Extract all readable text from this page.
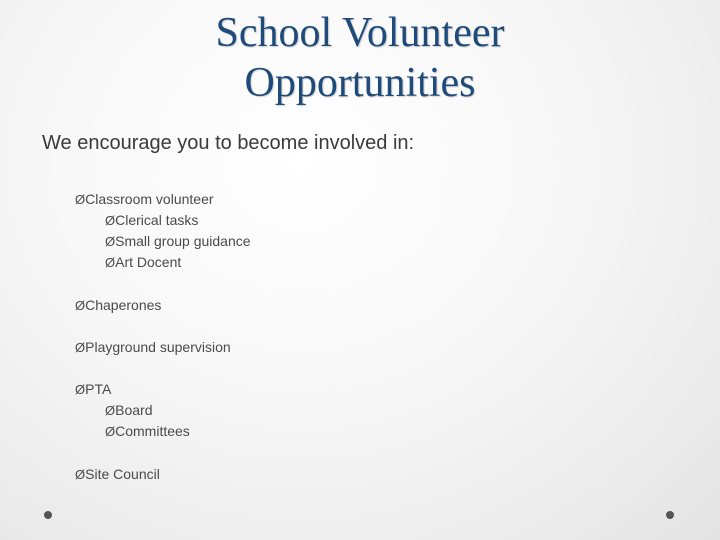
School Volunteer
Opportunities
We encourage you to become involved in:
ØClassroom volunteer
ØClerical tasks
ØSmall group guidance
ØArt Docent
ØChaperones
ØPlayground supervision
ØPTA
ØBoard
ØCommittees
ØSite Council
